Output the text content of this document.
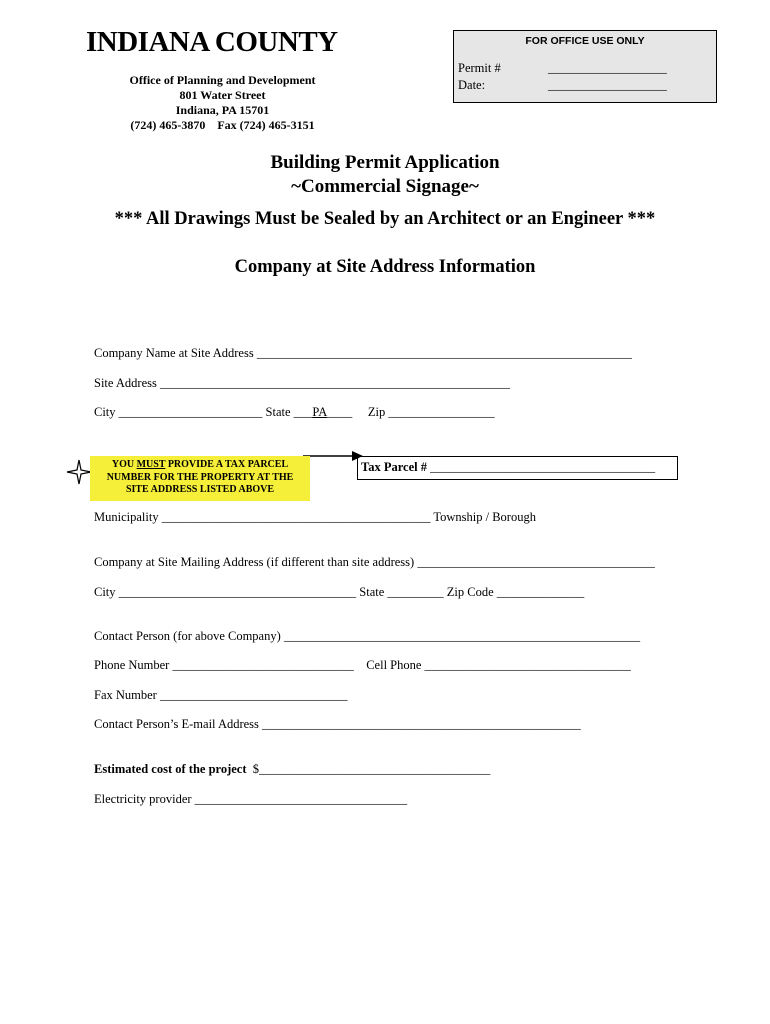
INDIANA COUNTY
Office of Planning and Development
801 Water Street
Indiana, PA 15701
(724) 465-3870    Fax (724) 465-3151
FOR OFFICE USE ONLY
Permit #
Date:
___________________
___________________
Building Permit Application
~Commercial Signage~
*** All Drawings Must be Sealed by an Architect or an Engineer ***
Company at Site Address Information
Company Name at Site Address ____________________________________________________________
Site Address ________________________________________________________
City _______________________ State ___PA____     Zip _________________
YOU MUST PROVIDE A TAX PARCEL
NUMBER FOR THE PROPERTY AT THE
SITE ADDRESS LISTED ABOVE
Tax Parcel # ____________________________________
Municipality ___________________________________________ Township / Borough
Company at Site Mailing Address (if different than site address) ______________________________________
City ______________________________________ State _________ Zip Code ______________
Contact Person (for above Company) _________________________________________________________
Phone Number _____________________________    Cell Phone _________________________________
Fax Number ______________________________
Contact Person’s E-mail Address ___________________________________________________
Estimated cost of the project  $_____________________________________
Electricity provider __________________________________
